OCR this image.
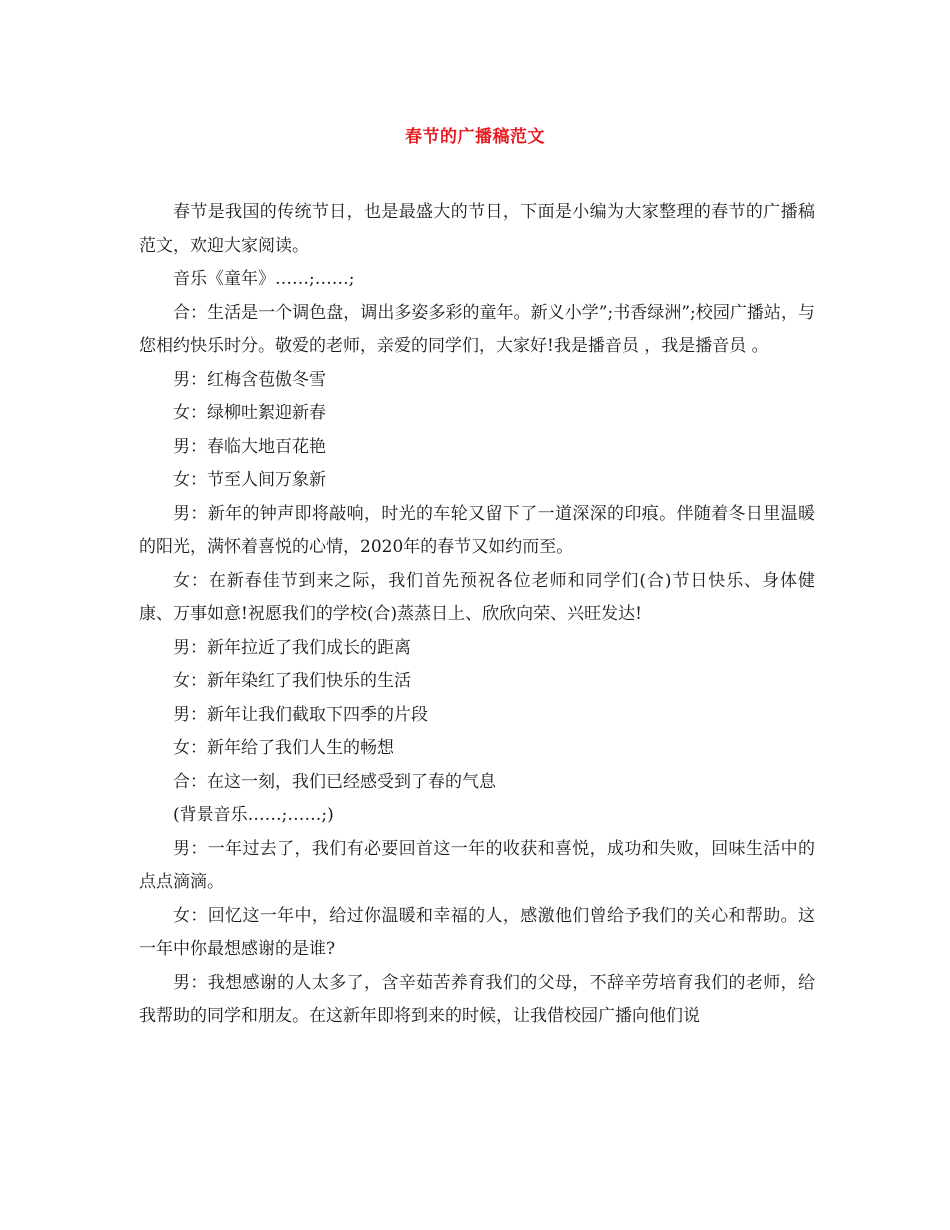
春节的广播稿范文

春节是我国的传统节日，也是最盛大的节日，下面是小编为大家整理的春节的广播稿范文，欢迎大家阅读。

音乐《童年》……;……;

合：生活是一个调色盘，调出多姿多彩的童年。新义小学”;书香绿洲”;校园广播站，与您相约快乐时分。敬爱的老师，亲爱的同学们，大家好!我是播音员 ，我是播音员 。

男：红梅含苞傲冬雪

女：绿柳吐絮迎新春

男：春临大地百花艳

女：节至人间万象新

男：新年的钟声即将敲响，时光的车轮又留下了一道深深的印痕。伴随着冬日里温暖的阳光，满怀着喜悦的心情，2020年的春节又如约而至。

女：在新春佳节到来之际，我们首先预祝各位老师和同学们(合)节日快乐、身体健康、万事如意!祝愿我们的学校(合)蒸蒸日上、欣欣向荣、兴旺发达!

男：新年拉近了我们成长的距离

女：新年染红了我们快乐的生活

男：新年让我们截取下四季的片段

女：新年给了我们人生的畅想

合：在这一刻，我们已经感受到了春的气息

(背景音乐……;……;)

男：一年过去了，我们有必要回首这一年的收获和喜悦，成功和失败，回味生活中的点点滴滴。

女：回忆这一年中，给过你温暖和幸福的人，感激他们曾给予我们的关心和帮助。这一年中你最想感谢的是谁?

男：我想感谢的人太多了，含辛茹苦养育我们的父母，不辞辛劳培育我们的老师，给我帮助的同学和朋友。在这新年即将到来的时候，让我借校园广播向他们说
